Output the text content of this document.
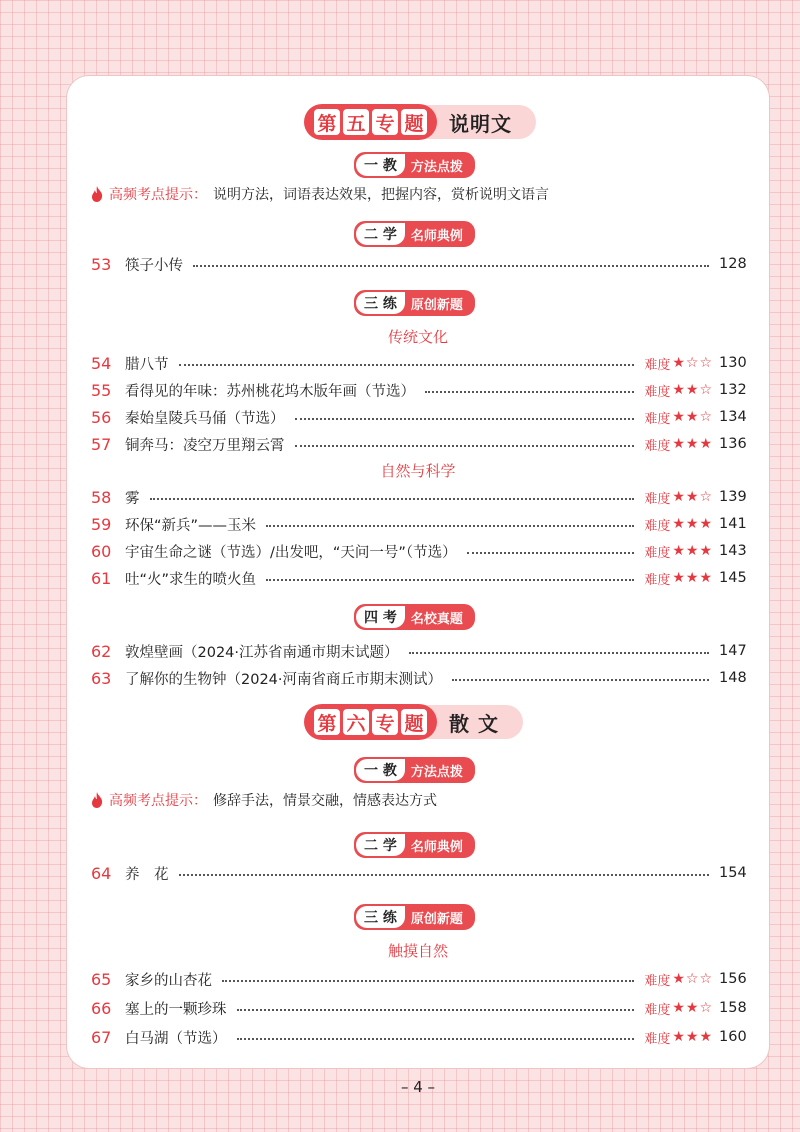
第 五 专 题	说明文
一 教	方法点拨
高频考点提示： 说明方法，词语表达效果，把握内容，赏析说明文语言
二 学	名师典例
53 筷子小传	128
三 练	原创新题
传统文化
54 腊八节	难度 ★☆☆ 130
55 看得见的年味：苏州桃花坞木版年画（节选）	难度 ★★☆ 132
56 秦始皇陵兵马俑（节选）	难度 ★★☆ 134
57 铜奔马：凌空万里翔云霄	难度 ★★★ 136
自然与科学
58 雾	难度 ★★☆ 139
59 环保“新兵”——玉米	难度 ★★★ 141
60 宇宙生命之谜（节选）/出发吧，“天问一号”（节选）	难度 ★★★ 143
61 吐“火”求生的喷火鱼	难度 ★★★ 145
四 考	名校真题
62 敦煌壁画（2024·江苏省南通市期末试题）	147
63 了解你的生物钟（2024·河南省商丘市期末测试）	148
第 六 专 题	散 文
一 教	方法点拨
高频考点提示： 修辞手法，情景交融，情感表达方式
二 学	名师典例
64 养　花	154
三 练	原创新题
触摸自然
65 家乡的山杏花	难度 ★☆☆ 156
66 塞上的一颗珍珠	难度 ★★☆ 158
67 白马湖（节选）	难度 ★★★ 160
– 4 –
